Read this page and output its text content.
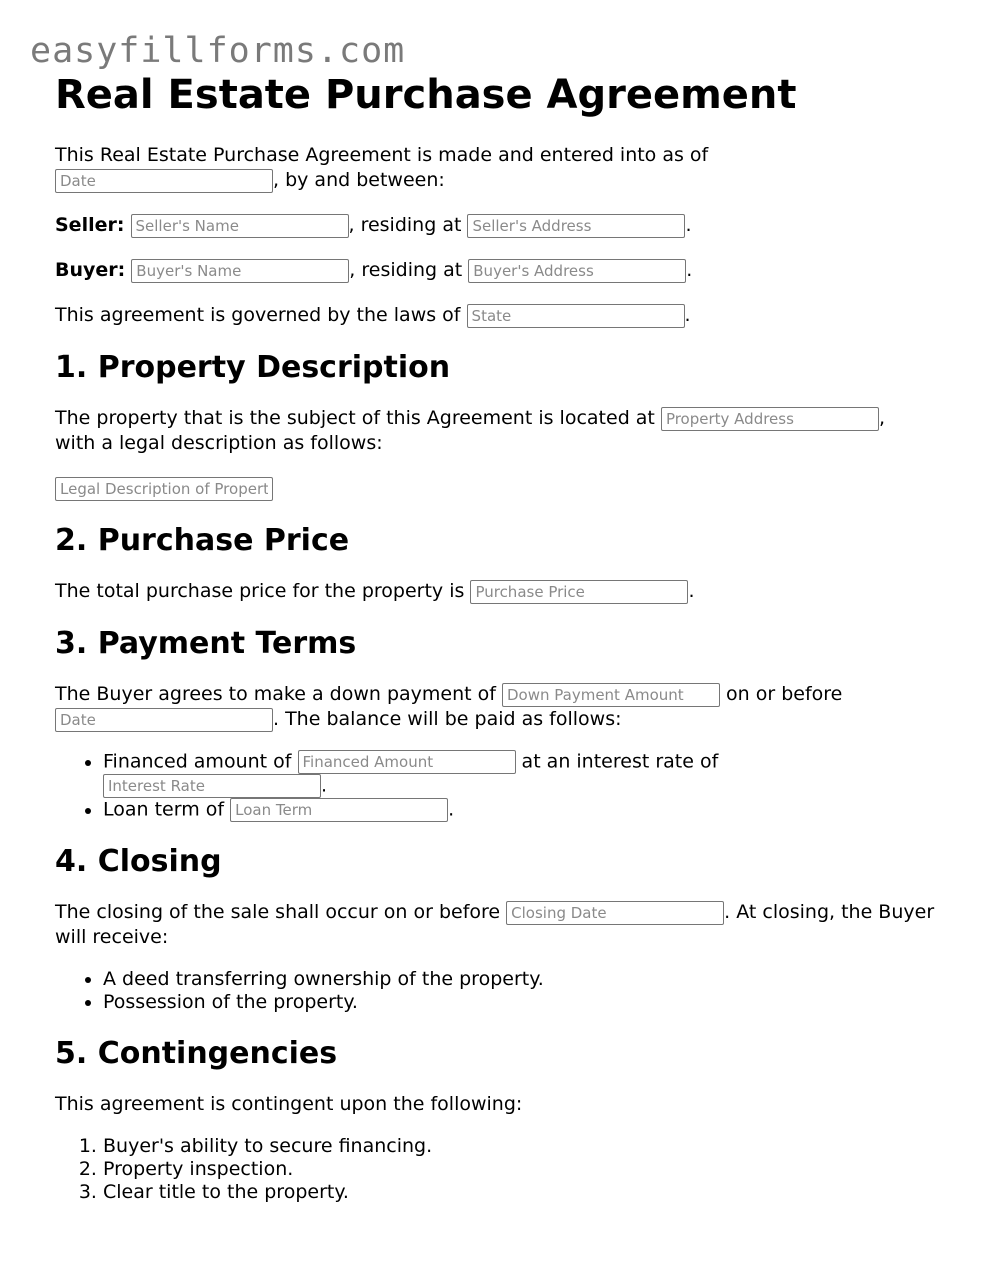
easyfillforms.com
Real Estate Purchase Agreement

This Real Estate Purchase Agreement is made and entered into as of
Date, by and between:

Seller: Seller's Name	, residing at Seller's Address	.

Buyer: Buyer's Name	, residing at Buyer's Address	.

This agreement is governed by the laws of State	.

1. Property Description

The property that is the subject of this Agreement is located at Property Address	,
with a legal description as follows:

Legal Description of Property

2. Purchase Price

The total purchase price for the property is Purchase Price	.

3. Payment Terms

The Buyer agrees to make a down payment of Down Payment Amount	on or before
Date. The balance will be paid as follows:

• Financed amount of Financed Amount	at an interest rate of
Interest Rate.
• Loan term of Loan Term	.
4. Closing

The closing of the sale shall occur on or before Closing Date	. At closing, the Buyer will receive:

• A deed transferring ownership of the property.
• Possession of the property.
5. Contingencies

This agreement is contingent upon the following:

1. Buyer's ability to secure financing.
2. Property inspection.
3. Clear title to the property.
